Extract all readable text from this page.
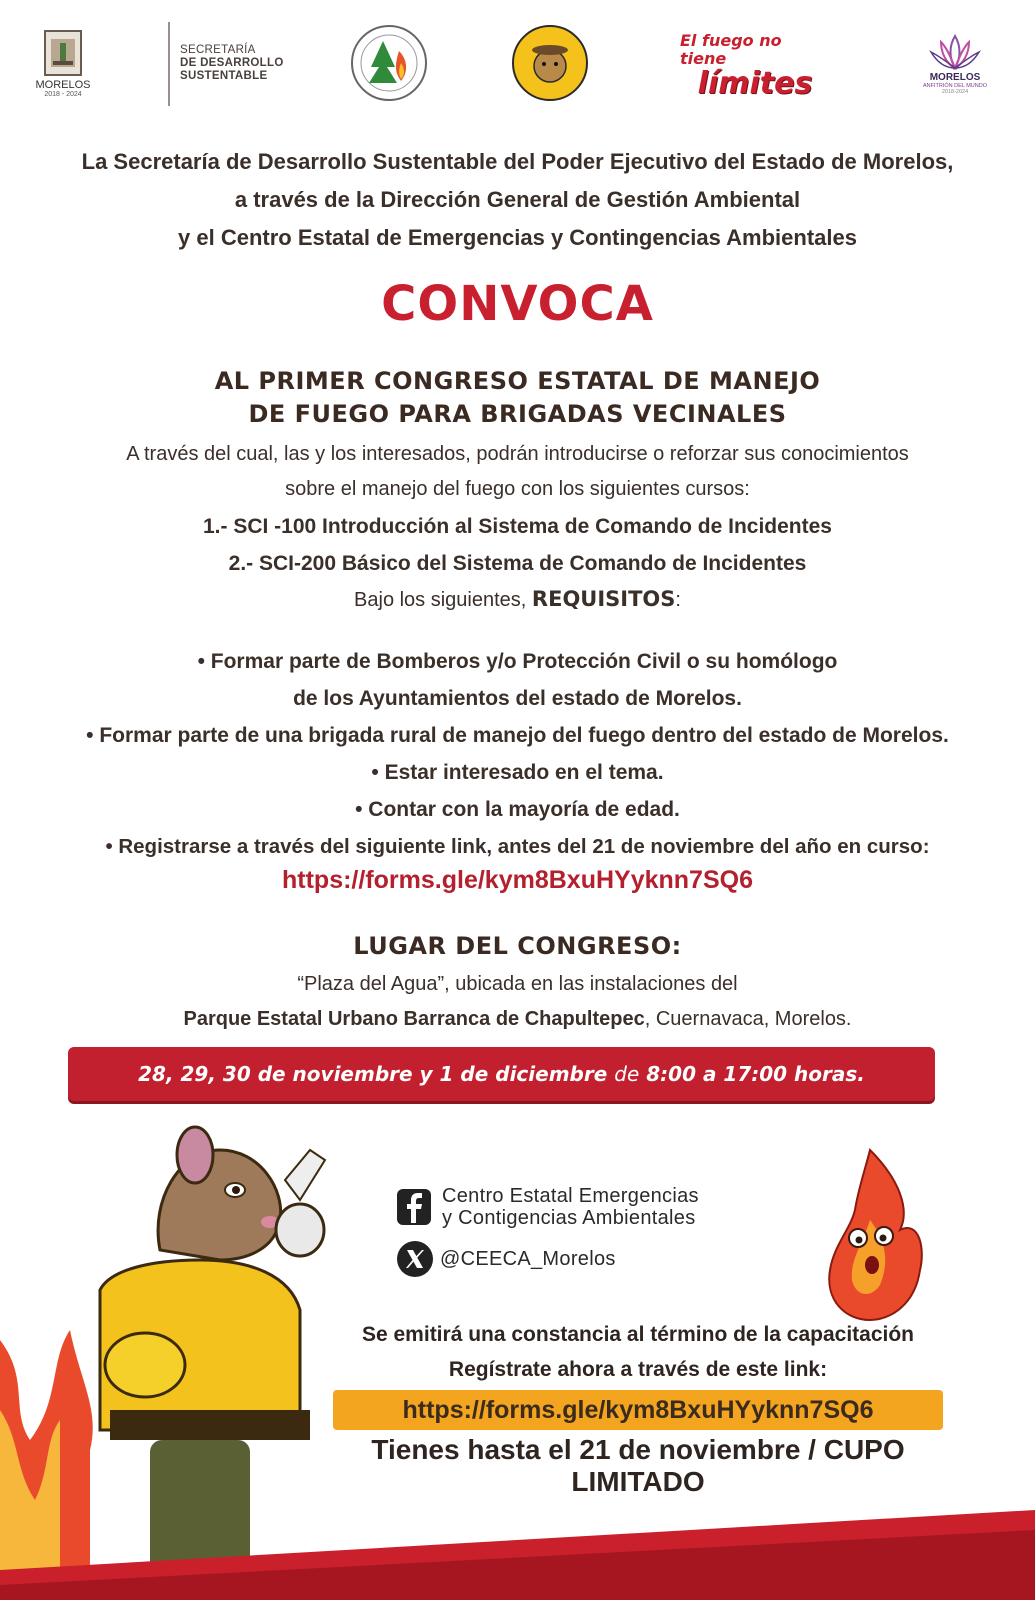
MORELOS
2018 - 2024
SECRETARÍA
DE DESARROLLO
SUSTENTABLE
El fuego no tiene
límites	MORELOS
ANFITRIÓN DEL MUNDO
2018-2024
La Secretaría de Desarrollo Sustentable del Poder Ejecutivo del Estado de Morelos,
a través de la Dirección General de Gestión Ambiental
y el Centro Estatal de Emergencias y Contingencias Ambientales
CONVOCA
AL PRIMER CONGRESO ESTATAL DE MANEJO
DE FUEGO PARA BRIGADAS VECINALES
A través del cual, las y los interesados, podrán introducirse o reforzar sus conocimientos
sobre el manejo del fuego con los siguientes cursos:
1.- SCI -100 Introducción al Sistema de Comando de Incidentes
2.- SCI-200 Básico del Sistema de Comando de Incidentes
Bajo los siguientes, REQUISITOS:
• Formar parte de Bomberos y/o Protección Civil o su homólogo
de los Ayuntamientos del estado de Morelos.
• Formar parte de una brigada rural de manejo del fuego dentro del estado de Morelos.
• Estar interesado en el tema.
• Contar con la mayoría de edad.
• Registrarse a través del siguiente link, antes del 21 de noviembre del año en curso:
https://forms.gle/kym8BxuHYyknn7SQ6
LUGAR DEL CONGRESO:
“Plaza del Agua”, ubicada en las instalaciones del
Parque Estatal Urbano Barranca de Chapultepec, Cuernavaca, Morelos.
28, 29, 30 de noviembre y 1 de diciembre
de
8:00 a 17:00 horas.
Centro Estatal Emergencias
y Contigencias Ambientales
@CEECA_Morelos
Se emitirá una constancia al término de la capacitación
Regístrate ahora a través de este link:
https://forms.gle/kym8BxuHYyknn7SQ6
Tienes hasta el 21 de noviembre / CUPO LIMITADO
